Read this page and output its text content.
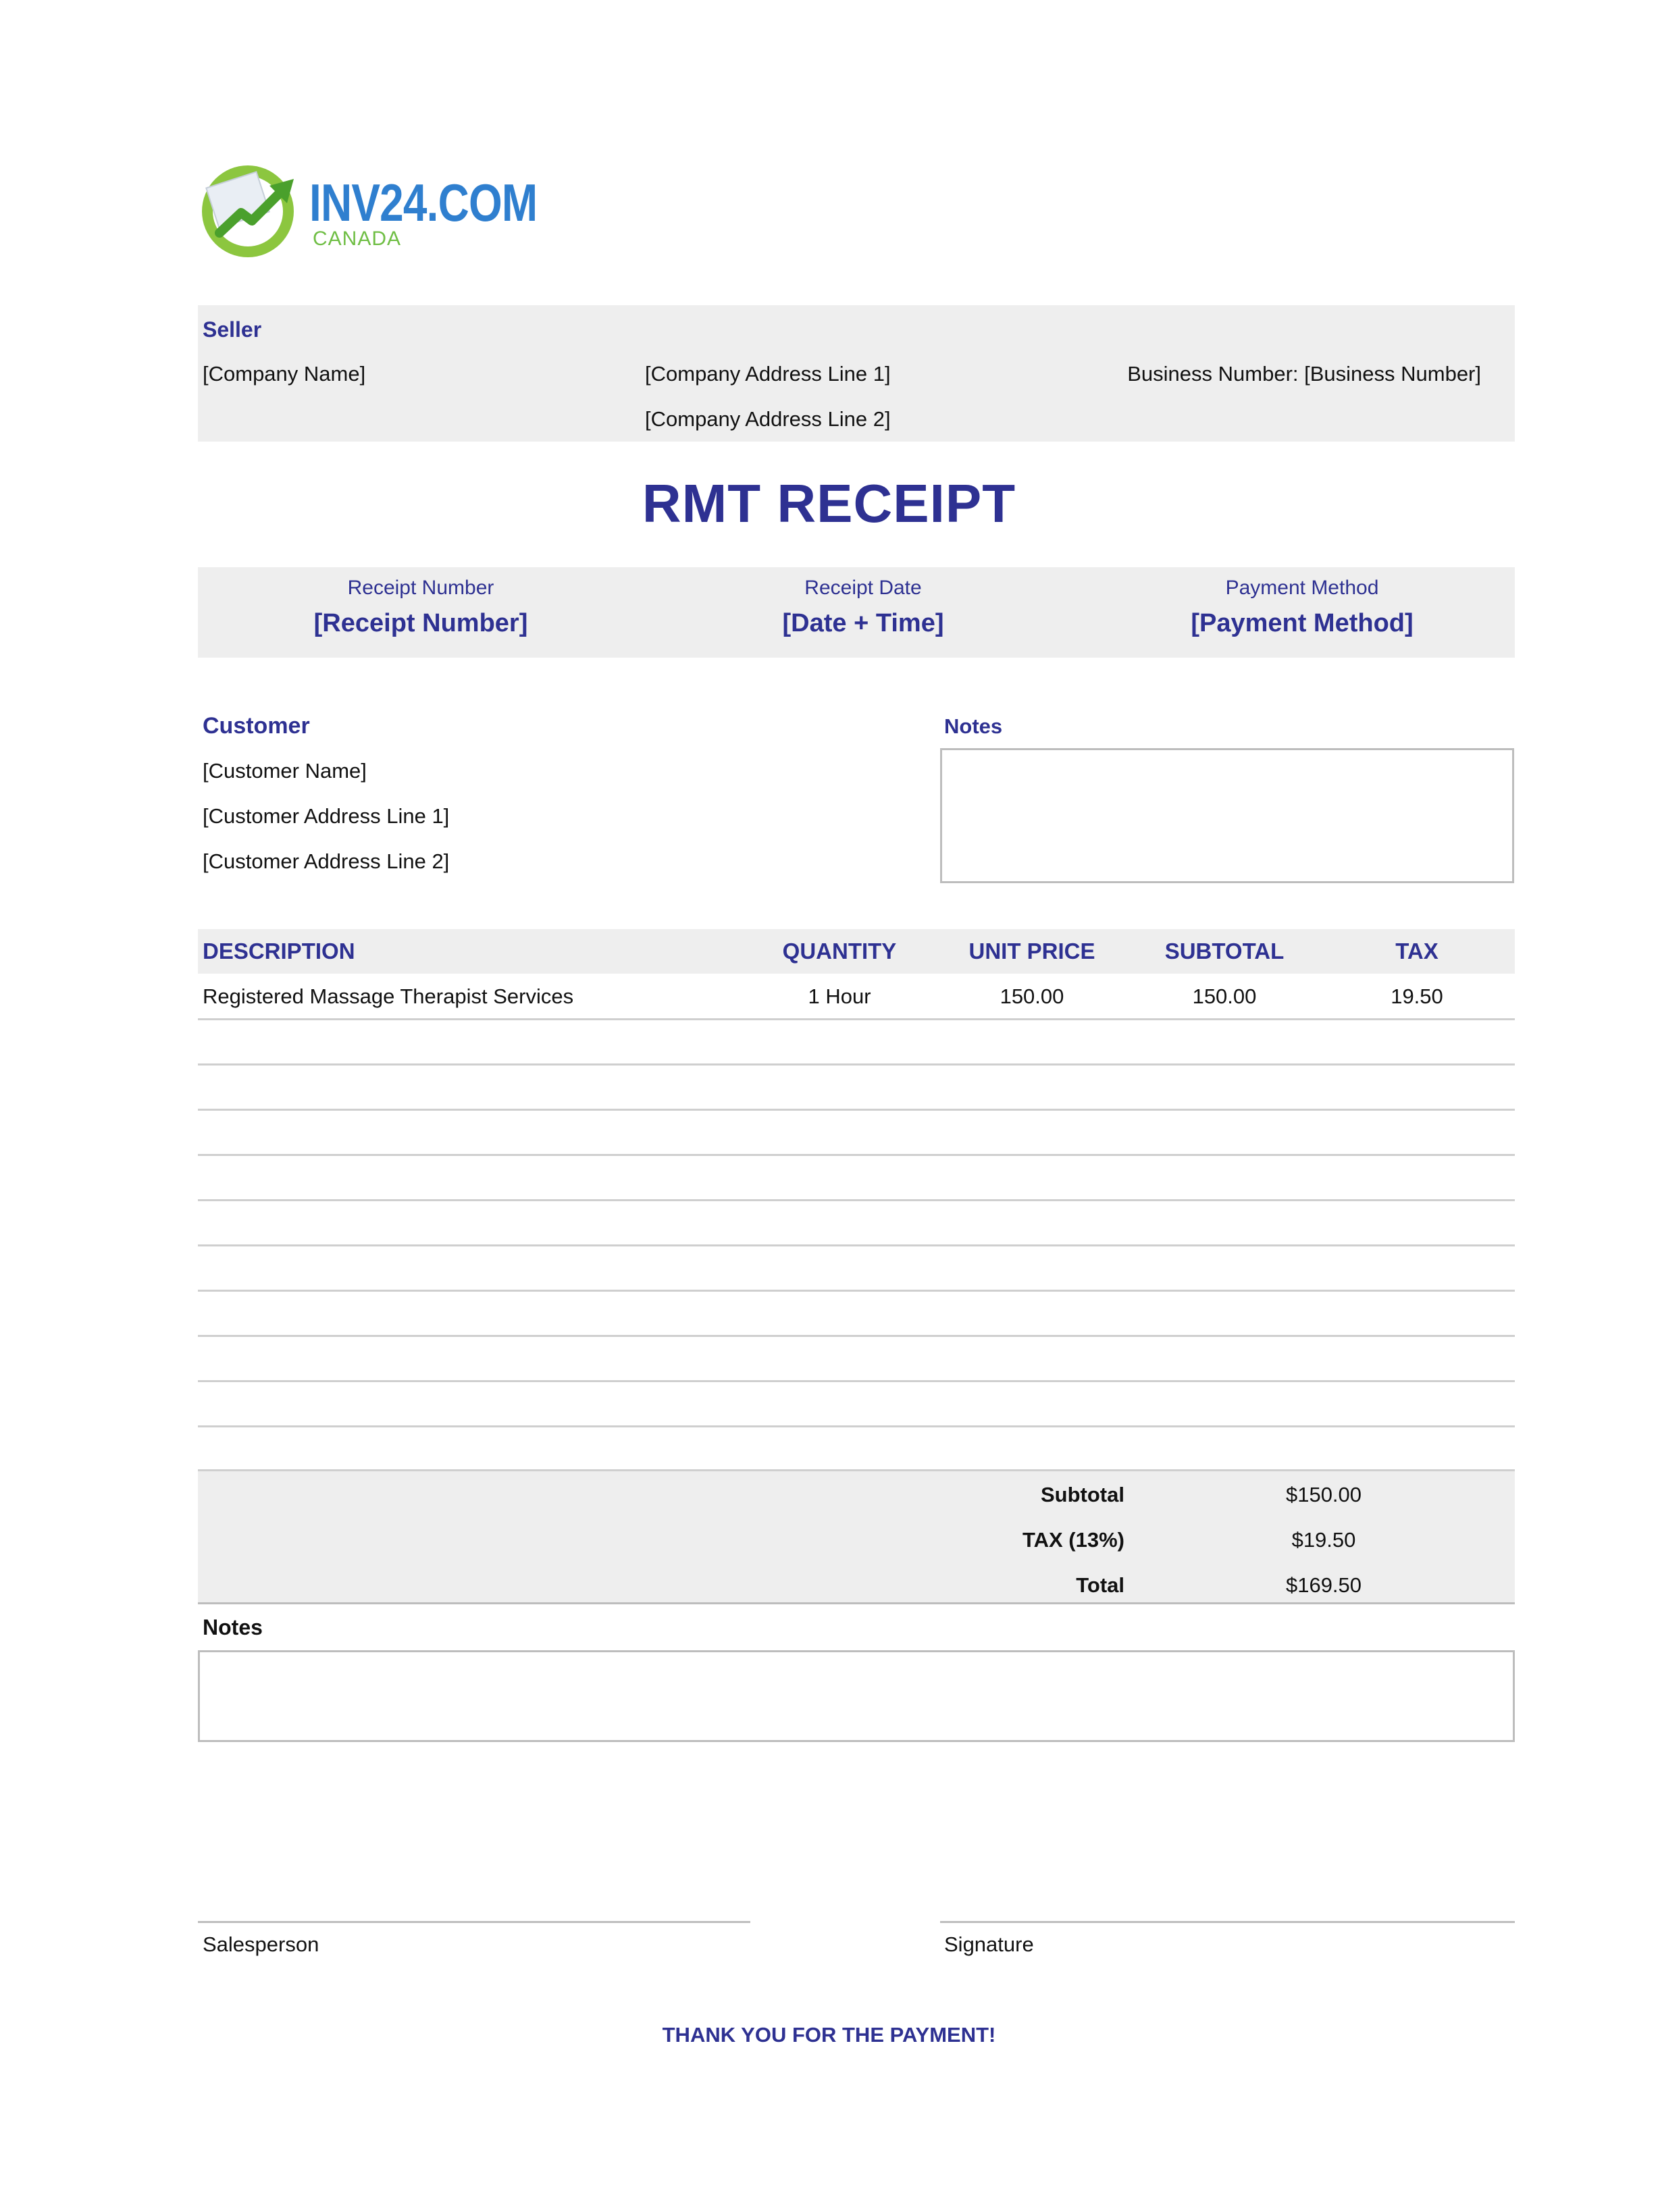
INV24.COM
CANADA
Seller
[Company Name]	[Company Address Line 1]
[Company Address Line 2]
Business Number: [Business Number]
RMT RECEIPT
Receipt Number
[Receipt Number]
Receipt Date
[Date + Time]
Payment Method
[Payment Method]
Customer
[Customer Name]
[Customer Address Line 1]
[Customer Address Line 2]
Notes
DESCRIPTION	QUANTITY	UNIT PRICE	SUBTOTAL	TAX
Registered Massage Therapist Services	1 Hour	150.00	150.00	19.50
Subtotal	$150.00
TAX (13%)	$19.50
Total	$169.50
Notes
Salesperson	Signature
THANK YOU FOR THE PAYMENT!
